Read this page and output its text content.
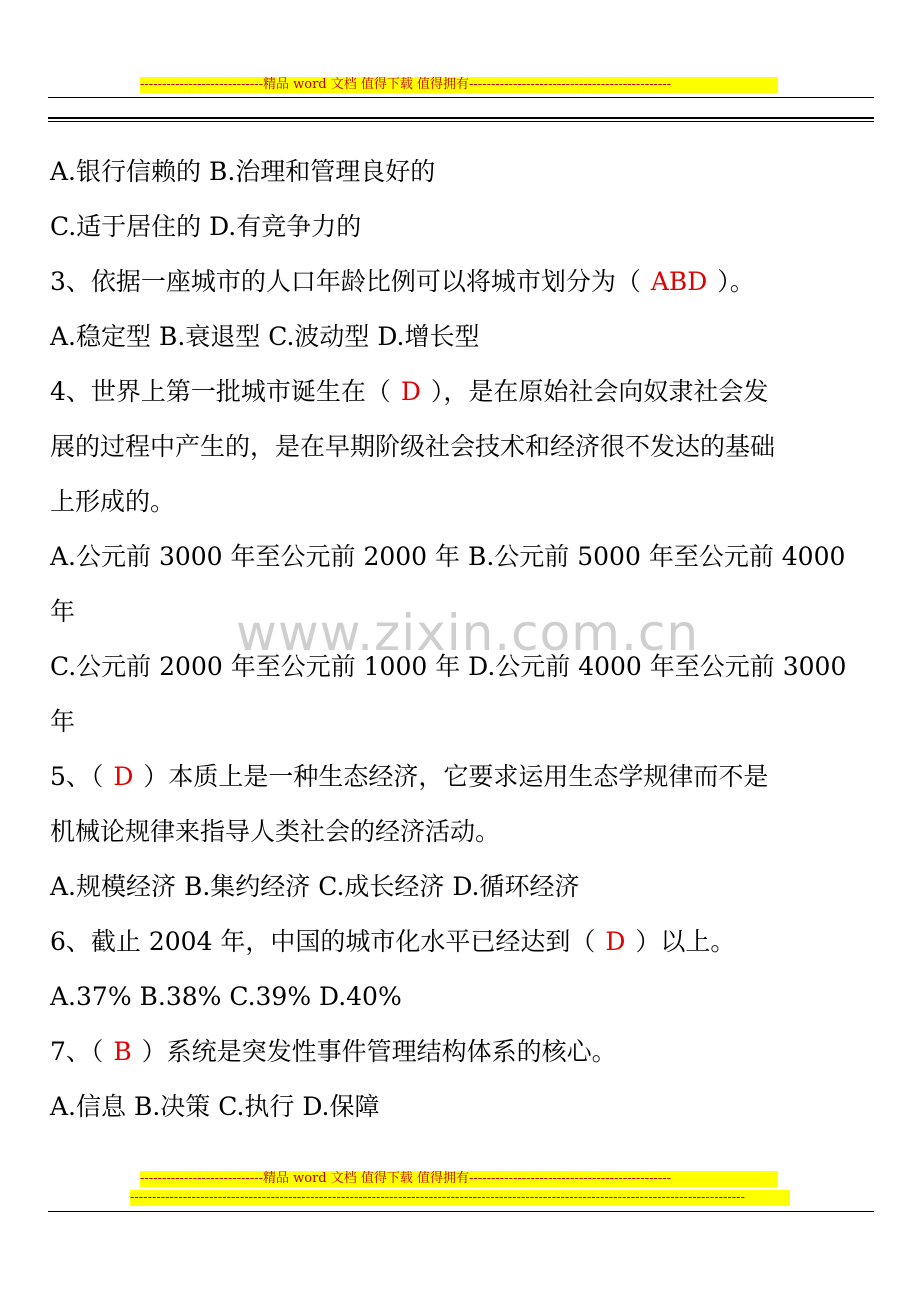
----------------------------精品 word 文档 值得下载 值得拥有----------------------------------------------
www.zixin.com.cn
A.银行信赖的 B.治理和管理良好的
C.适于居住的 D.有竞争力的
3、依据一座城市的人口年龄比例可以将城市划分为（ ABD ）。
A.稳定型 B.衰退型 C.波动型 D.增长型
4、世界上第一批城市诞生在（ D ），是在原始社会向奴隶社会发
展的过程中产生的，是在早期阶级社会技术和经济很不发达的基础
上形成的。
A.公元前 3000 年至公元前 2000 年 B.公元前 5000 年至公元前 4000
年
C.公元前 2000 年至公元前 1000 年 D.公元前 4000 年至公元前 3000
年
5、（ D ）本质上是一种生态经济，它要求运用生态学规律而不是
机械论规律来指导人类社会的经济活动。
A.规模经济 B.集约经济 C.成长经济 D.循环经济
6、截止 2004 年，中国的城市化水平已经达到（ D ）以上。
A.37% B.38% C.39% D.40%
7、（ B ）系统是突发性事件管理结构体系的核心。
A.信息 B.决策 C.执行 D.保障
----------------------------精品 word 文档 值得下载 值得拥有----------------------------------------------
--------------------------------------------------------------------------------------------------------------------------------------------
